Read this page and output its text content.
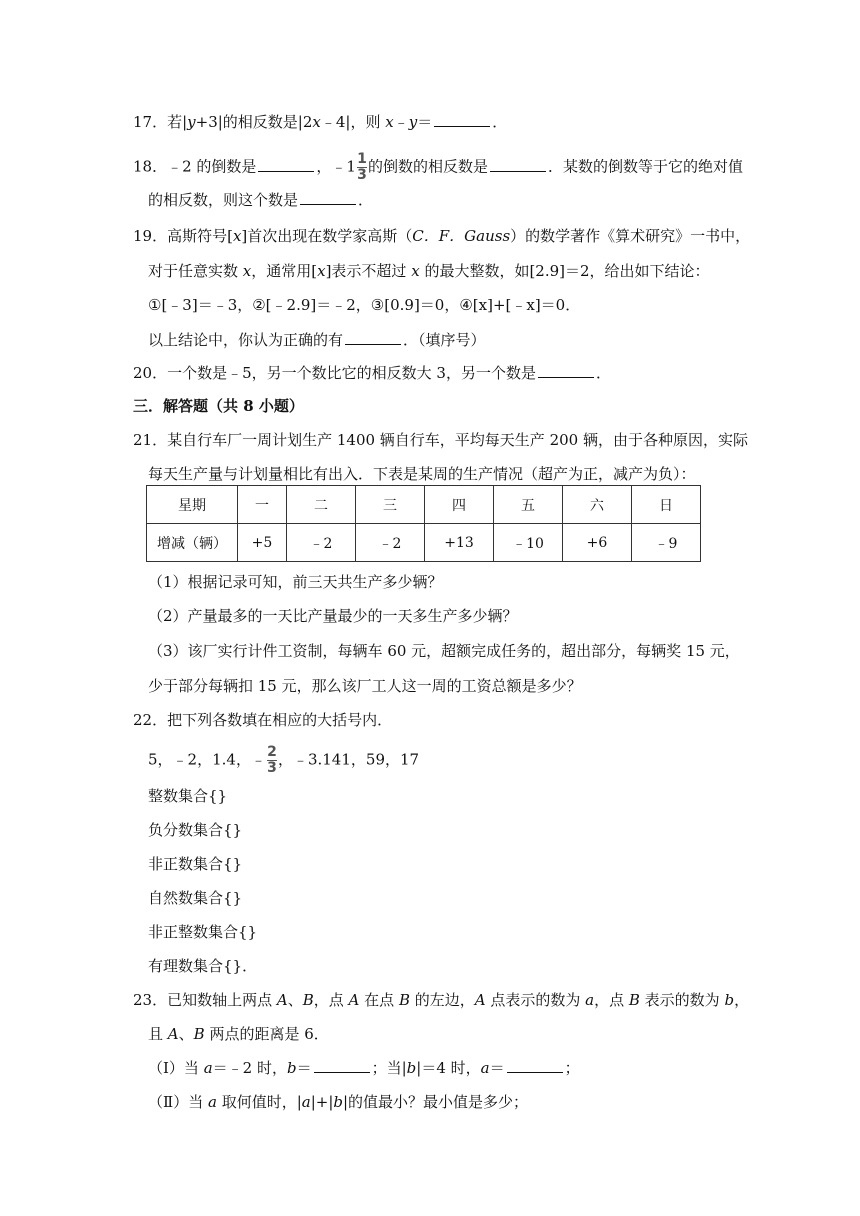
17．若|y+3|的相反数是|2x﹣4|，则 x﹣y＝	．
18．﹣2 的倒数是	，﹣1 $\frac{1}{3}$ 的倒数的相反数是	．某数的倒数等于它的绝对值
的相反数，则这个数是	．
19．高斯符号[x]首次出现在数学家高斯（C．F．Gauss）的数学著作《算术研究》一书中，
对于任意实数 x，通常用[x]表示不超过 x 的最大整数，如[2.9]＝2，给出如下结论：
①[﹣3]＝﹣3，②[﹣2.9]＝﹣2，③[0.9]＝0，④[x]+[﹣x]＝0．
以上结论中，你认为正确的有	．（填序号）
20．一个数是﹣5，另一个数比它的相反数大 3，另一个数是	．
三．解答题（共 8 小题）
21．某自行车厂一周计划生产 1400 辆自行车，平均每天生产 200 辆，由于各种原因，实际
每天生产量与计划量相比有出入．下表是某周的生产情况（超产为正，减产为负）：
星期	一	二	三	四	五	六	日
增减（辆）	+5	﹣2	﹣2	+13	﹣10	+6	﹣9
（1）根据记录可知，前三天共生产多少辆？
（2）产量最多的一天比产量最少的一天多生产多少辆？
（3）该厂实行计件工资制，每辆车 60 元，超额完成任务的，超出部分，每辆奖 15 元，
少于部分每辆扣 15 元，那么该厂工人这一周的工资总额是多少？
22．把下列各数填在相应的大括号内．
5，﹣2，1.4，﹣ $\frac{2}{3}$ ，﹣3.141，59，17
整数集合{}
负分数集合{}
非正数集合{}
自然数集合{}
非正整数集合{}
有理数集合{}．
23．已知数轴上两点 A、B，点 A 在点 B 的左边，A 点表示的数为 a，点 B 表示的数为 b，
且 A、B 两点的距离是 6．
（Ⅰ）当 a＝﹣2 时，b＝	；当|b|＝4 时，a＝	；
（Ⅱ）当 a 取何值时，|a|+|b|的值最小？最小值是多少；
